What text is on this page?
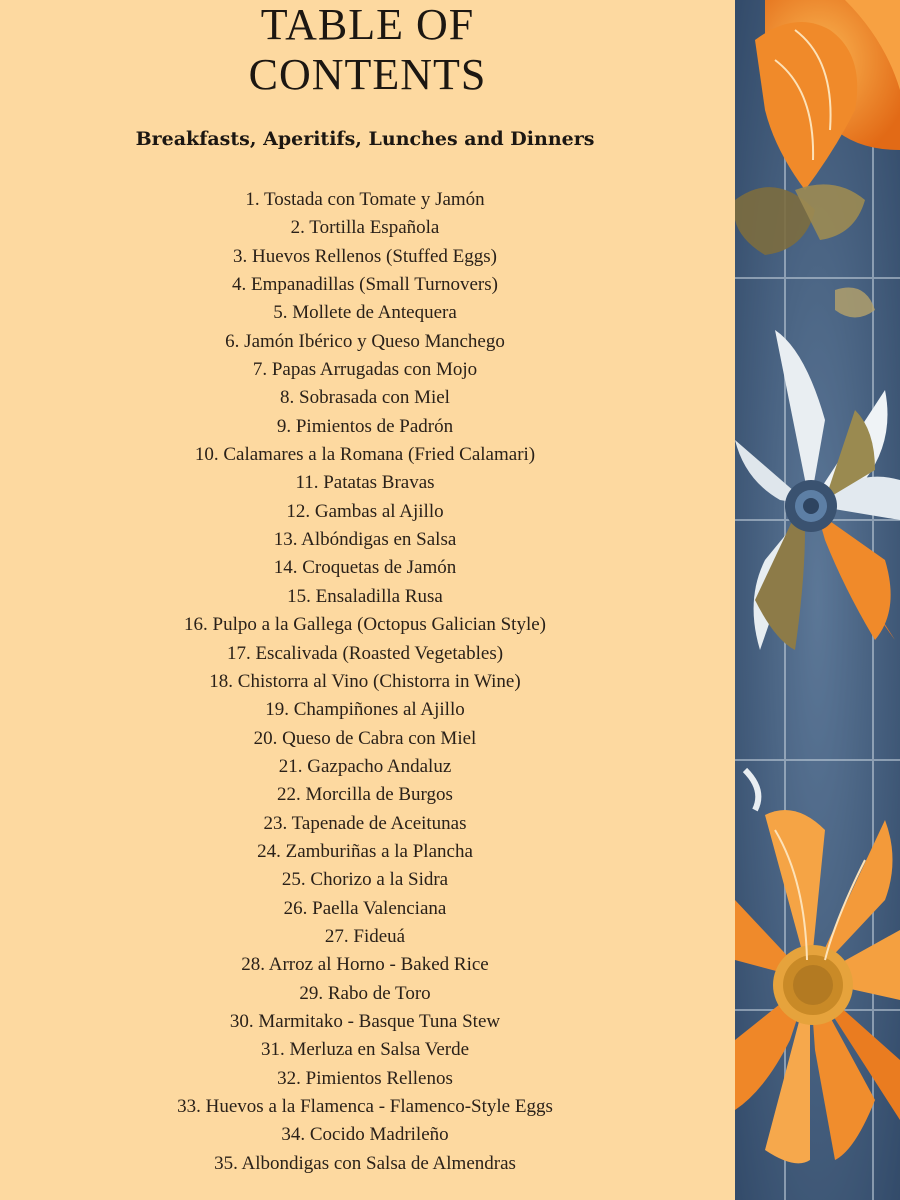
TABLE OF
CONTENTS
Breakfasts, Aperitifs, Lunches and Dinners
1. Tostada con Tomate y Jamón
2. Tortilla Española
3. Huevos Rellenos (Stuffed Eggs)
4. Empanadillas (Small Turnovers)
5. Mollete de Antequera
6. Jamón Ibérico y Queso Manchego
7. Papas Arrugadas con Mojo
8. Sobrasada con Miel
9. Pimientos de Padrón
10. Calamares a la Romana (Fried Calamari)
11. Patatas Bravas
12. Gambas al Ajillo
13. Albóndigas en Salsa
14. Croquetas de Jamón
15. Ensaladilla Rusa
16. Pulpo a la Gallega (Octopus Galician Style)
17. Escalivada (Roasted Vegetables)
18. Chistorra al Vino (Chistorra in Wine)
19. Champiñones al Ajillo
20. Queso de Cabra con Miel
21. Gazpacho Andaluz
22. Morcilla de Burgos
23. Tapenade de Aceitunas
24. Zamburiñas a la Plancha
25. Chorizo a la Sidra
26. Paella Valenciana
27. Fideuá
28. Arroz al Horno - Baked Rice
29. Rabo de Toro
30. Marmitako - Basque Tuna Stew
31. Merluza en Salsa Verde
32. Pimientos Rellenos
33. Huevos a la Flamenca - Flamenco-Style Eggs
34. Cocido Madrileño
35. Albondigas con Salsa de Almendras
